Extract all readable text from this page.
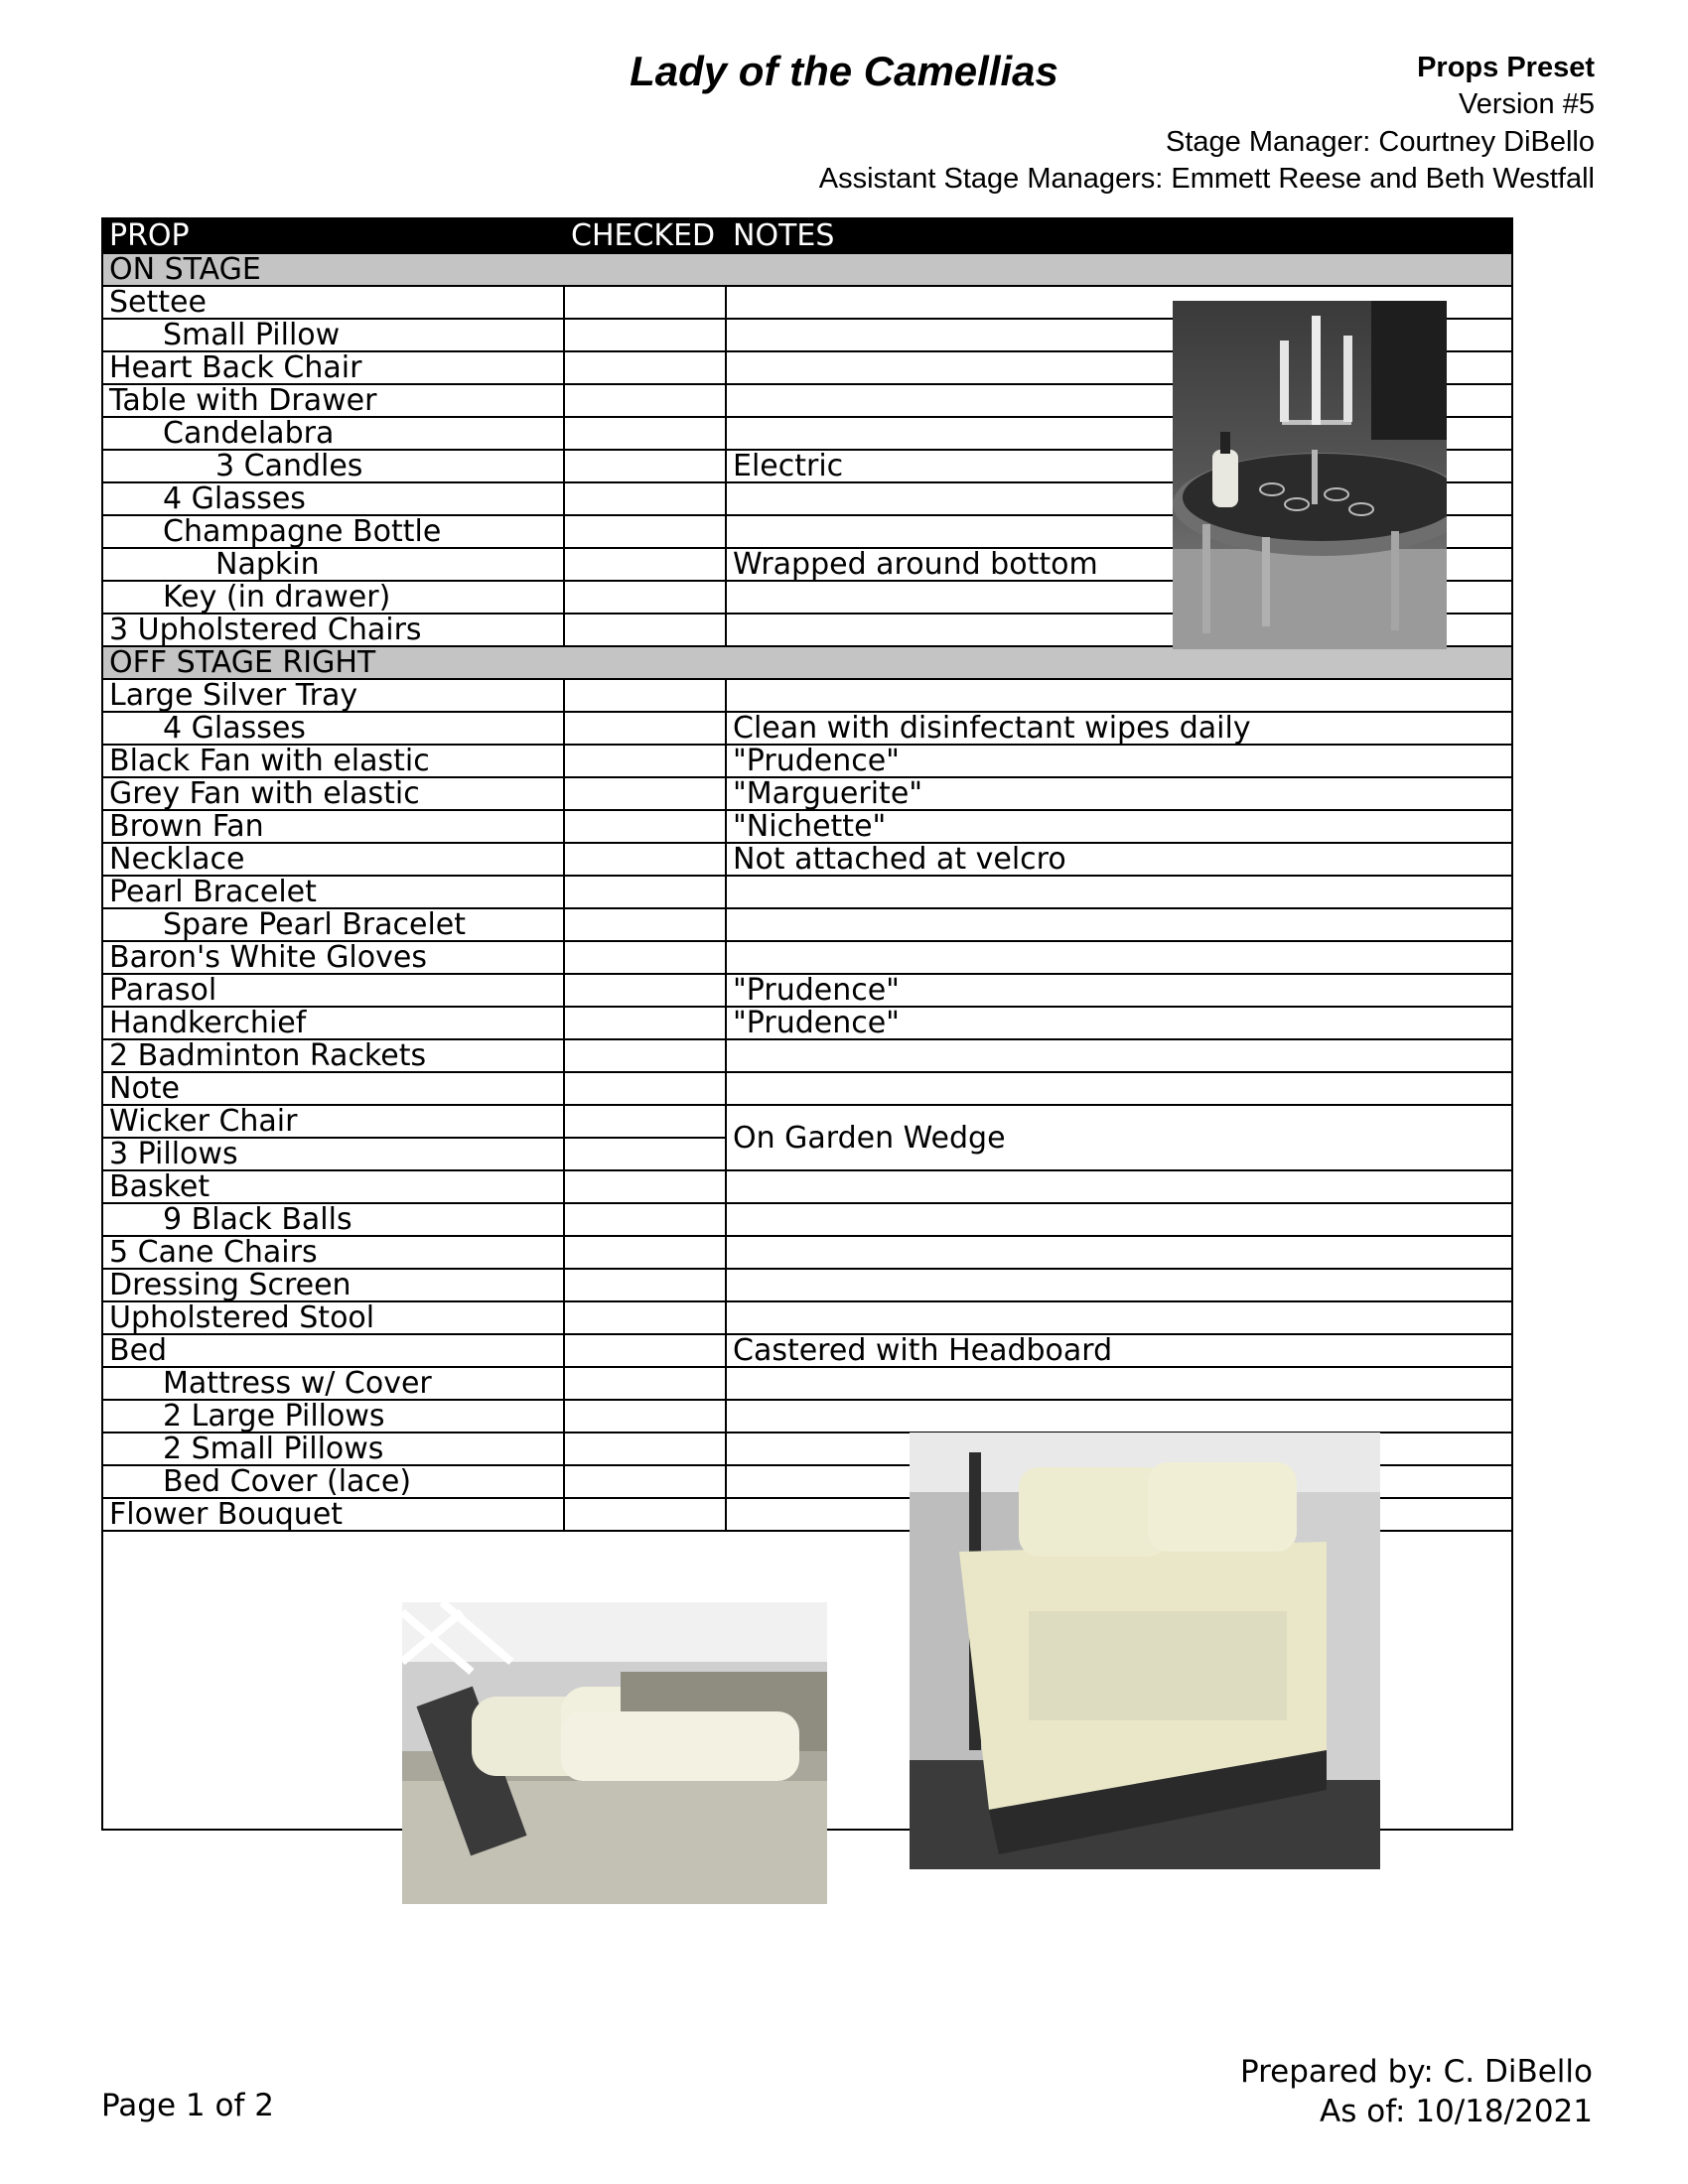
Lady of the Camellias	Props Preset
Version #5
Stage Manager: Courtney DiBello
Assistant Stage Managers: Emmett Reese and Beth Westfall
PROP	CHECKED	NOTES
ON STAGE		
Settee		
Small Pillow		
Heart Back Chair		
Table with Drawer		
Candelabra		
3 Candles		Electric
4 Glasses		
Champagne Bottle		
Napkin		Wrapped around bottom
Key (in drawer)		
3 Upholstered Chairs		
OFF STAGE RIGHT		
Large Silver Tray		
4 Glasses		Clean with disinfectant wipes daily
Black Fan with elastic		"Prudence"
Grey Fan with elastic		"Marguerite"
Brown Fan		"Nichette"
Necklace		Not attached at velcro
Pearl Bracelet		
Spare Pearl Bracelet		
Baron's White Gloves		
Parasol		"Prudence"
Handkerchief		"Prudence"
2 Badminton Rackets		
Note		
Wicker Chair		On Garden Wedge
3 Pillows		
Basket		
9 Black Balls		
5 Cane Chairs		
Dressing Screen		
Upholstered Stool		
Bed		Castered with Headboard
Mattress w/ Cover		
2 Large Pillows		
2 Small Pillows		
Bed Cover (lace)		
Flower Bouquet		

Page 1 of 2
Prepared by: C. DiBello
As of: 10/18/2021
